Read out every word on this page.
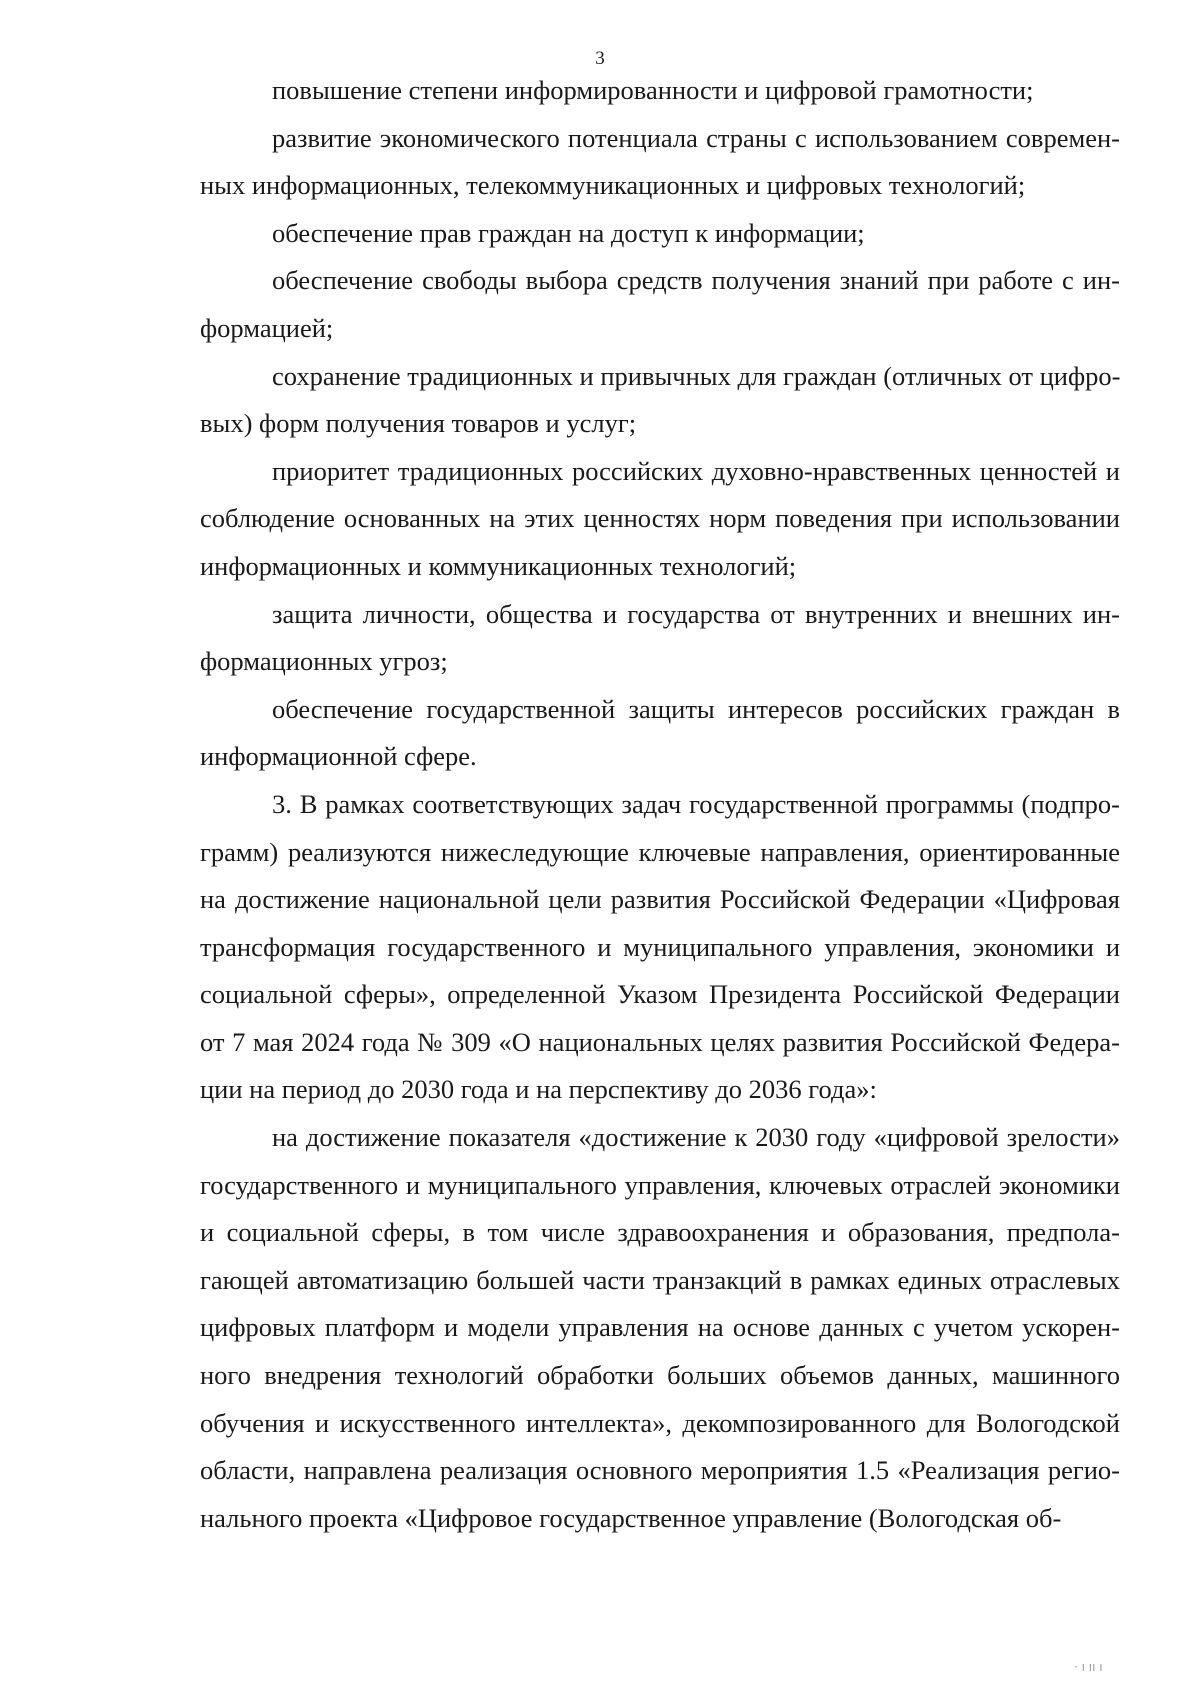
3
повышение степени информированности и цифровой грамотности;
развитие экономического потенциала страны с использованием современ-
ных информационных, телекоммуникационных и цифровых технологий;
обеспечение прав граждан на доступ к информации;
обеспечение свободы выбора средств получения знаний при работе с ин-
формацией;
сохранение традиционных и привычных для граждан (отличных от цифро-
вых) форм получения товаров и услуг;
приоритет традиционных российских духовно-нравственных ценностей и
соблюдение основанных на этих ценностях норм поведения при использовании
информационных и коммуникационных технологий;
защита личности, общества и государства от внутренних и внешних ин-
формационных угроз;
обеспечение государственной защиты интересов российских граждан в
информационной сфере.
3. В рамках соответствующих задач государственной программы (подпро-
грамм) реализуются нижеследующие ключевые направления, ориентированные
на достижение национальной цели развития Российской Федерации «Цифровая
трансформация государственного и муниципального управления, экономики и
социальной сферы», определенной Указом Президента Российской Федерации
от 7 мая 2024 года № 309 «О национальных целях развития Российской Федера-
ции на период до 2030 года и на перспективу до 2036 года»:
на достижение показателя «достижение к 2030 году «цифровой зрелости»
государственного и муниципального управления, ключевых отраслей экономики
и социальной сферы, в том числе здравоохранения и образования, предпола-
гающей автоматизацию большей части транзакций в рамках единых отраслевых
цифровых платформ и модели управления на основе данных с учетом ускорен-
ного внедрения технологий обработки больших объемов данных, машинного
обучения и искусственного интеллекта», декомпозированного для Вологодской
области, направлена реализация основного мероприятия 1.5 «Реализация регио-
нального проекта «Цифровое государственное управление (Вологодская об-
· ı ıı ı
